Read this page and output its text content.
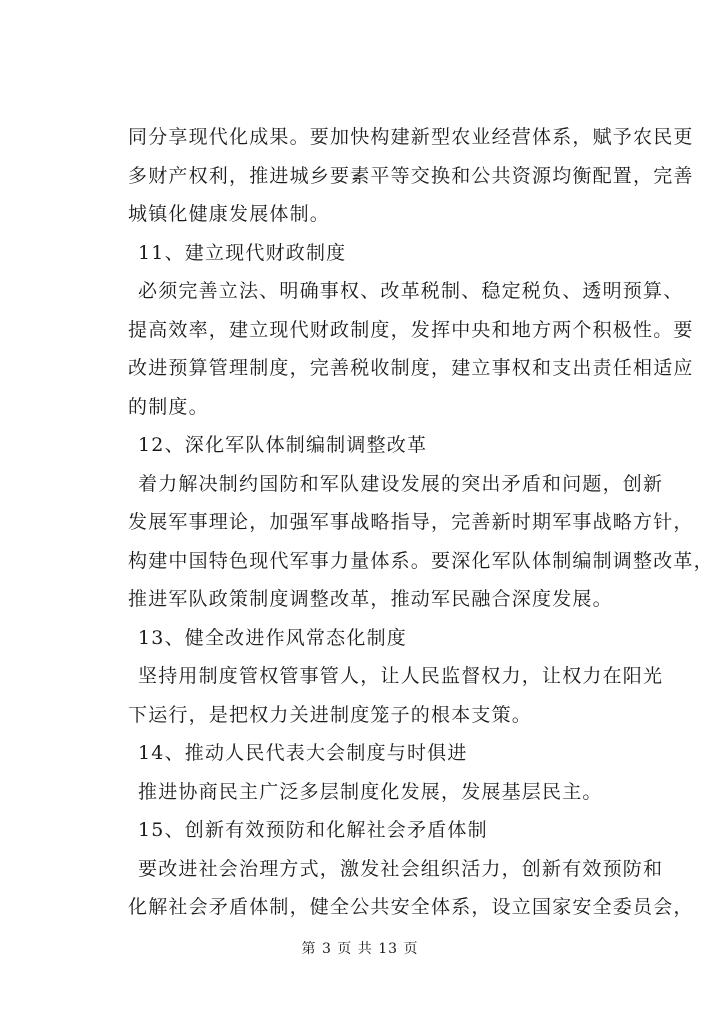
同分享现代化成果。要加快构建新型农业经营体系，赋予农民更
多财产权利，推进城乡要素平等交换和公共资源均衡配置，完善
城镇化健康发展体制。
11、建立现代财政制度
必须完善立法、明确事权、改革税制、稳定税负、透明预算、
提高效率，建立现代财政制度，发挥中央和地方两个积极性。要
改进预算管理制度，完善税收制度，建立事权和支出责任相适应
的制度。
12、深化军队体制编制调整改革
着力解决制约国防和军队建设发展的突出矛盾和问题，创新
发展军事理论，加强军事战略指导，完善新时期军事战略方针，
构建中国特色现代军事力量体系。要深化军队体制编制调整改革，
推进军队政策制度调整改革，推动军民融合深度发展。
13、健全改进作风常态化制度
坚持用制度管权管事管人，让人民监督权力，让权力在阳光
下运行，是把权力关进制度笼子的根本支策。
14、推动人民代表大会制度与时俱进
推进协商民主广泛多层制度化发展，发展基层民主。
15、创新有效预防和化解社会矛盾体制
要改进社会治理方式，激发社会组织活力，创新有效预防和
化解社会矛盾体制，健全公共安全体系，设立国家安全委员会，
第 3 页 共 13 页
